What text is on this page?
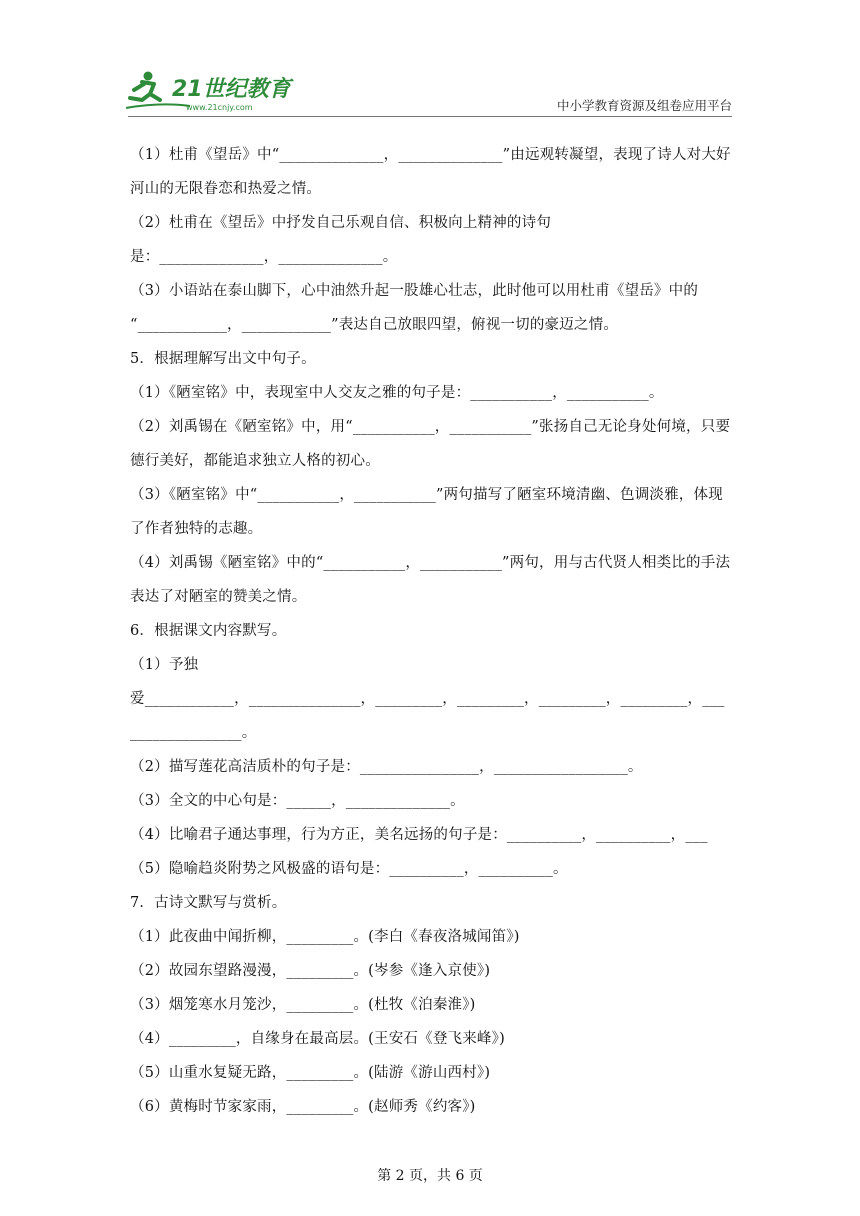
21世纪教育
www.21cnjy.com	中小学教育资源及组卷应用平台
（1）杜甫《望岳》中“______________，______________”由远观转凝望，表现了诗人对大好
河山的无限眷恋和热爱之情。
（2）杜甫在《望岳》中抒发自己乐观自信、积极向上精神的诗句
是：______________，______________。
（3）小语站在泰山脚下，心中油然升起一股雄心壮志，此时他可以用杜甫《望岳》中的
“____________，____________”表达自己放眼四望，俯视一切的豪迈之情。
5．根据理解写出文中句子。
（1）《陋室铭》中，表现室中人交友之雅的句子是：___________，___________。
（2）刘禹锡在《陋室铭》中，用“___________，___________”张扬自己无论身处何境，只要
德行美好，都能追求独立人格的初心。
（3）《陋室铭》中“___________，___________”两句描写了陋室环境清幽、色调淡雅，体现
了作者独特的志趣。
（4）刘禹锡《陋室铭》中的“___________，___________”两句，用与古代贤人相类比的手法
表达了对陋室的赞美之情。
6．根据课文内容默写。
（1）予独
爱____________，_______________，_________，_________，_________，_________，___
_______________。
（2）描写莲花高洁质朴的句子是：________________，__________________。
（3）全文的中心句是：______，______________。
（4）比喻君子通达事理，行为方正，美名远扬的句子是：__________，__________，___
（5）隐喻趋炎附势之风极盛的语句是：__________，__________。
7．古诗文默写与赏析。
（1）此夜曲中闻折柳，_________。(李白《春夜洛城闻笛》)
（2）故园东望路漫漫，_________。(岑参《逢入京使》)
（3）烟笼寒水月笼沙，_________。(杜牧《泊秦淮》)
（4）_________，自缘身在最高层。(王安石《登飞来峰》)
（5）山重水复疑无路，_________。(陆游《游山西村》)
（6）黄梅时节家家雨，_________。(赵师秀《约客》)
第 2 页，共 6 页
